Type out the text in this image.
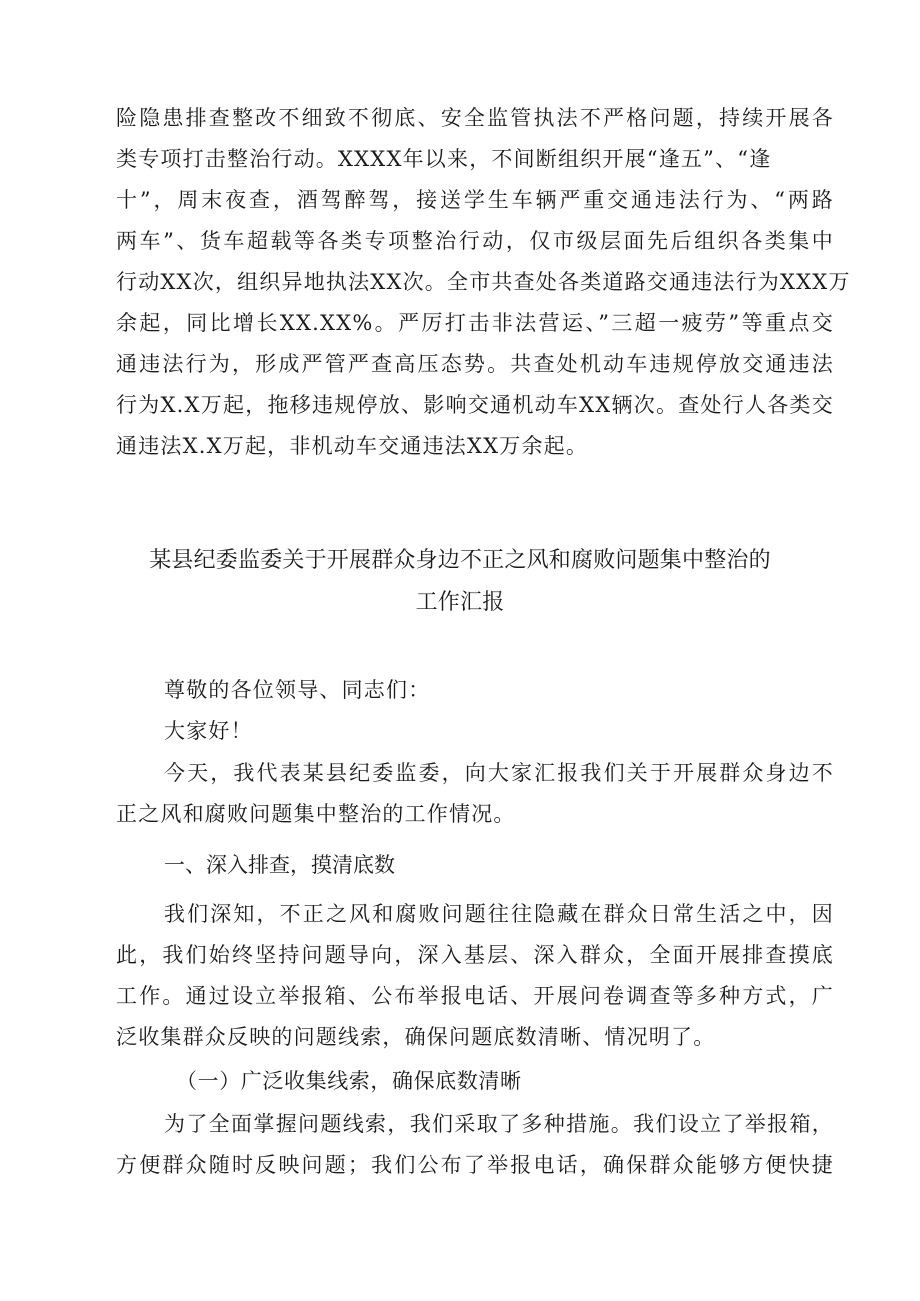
险隐患排查整改不细致不彻底、安全监管执法不严格问题，持续开展各
类专项打击整治行动。XXXX年以来，不间断组织开展“逢五”、“逢
十”，周末夜查，酒驾醉驾，接送学生车辆严重交通违法行为、“两路
两车”、货车超载等各类专项整治行动，仅市级层面先后组织各类集中
行动XX次，组织异地执法XX次。全市共查处各类道路交通违法行为XXX万
余起，同比增长XX.XX%。严厉打击非法营运、”三超一疲劳”等重点交
通违法行为，形成严管严查高压态势。共查处机动车违规停放交通违法
行为X.X万起，拖移违规停放、影响交通机动车XX辆次。查处行人各类交
通违法X.X万起，非机动车交通违法XX万余起。
某县纪委监委关于开展群众身边不正之风和腐败问题集中整治的
工作汇报
尊敬的各位领导、同志们：
大家好！
今天，我代表某县纪委监委，向大家汇报我们关于开展群众身边不
正之风和腐败问题集中整治的工作情况。
一、深入排查，摸清底数
我们深知，不正之风和腐败问题往往隐藏在群众日常生活之中，因
此，我们始终坚持问题导向，深入基层、深入群众，全面开展排查摸底
工作。通过设立举报箱、公布举报电话、开展问卷调查等多种方式，广
泛收集群众反映的问题线索，确保问题底数清晰、情况明了。
（一）广泛收集线索，确保底数清晰
为了全面掌握问题线索，我们采取了多种措施。我们设立了举报箱，
方便群众随时反映问题；我们公布了举报电话，确保群众能够方便快捷
